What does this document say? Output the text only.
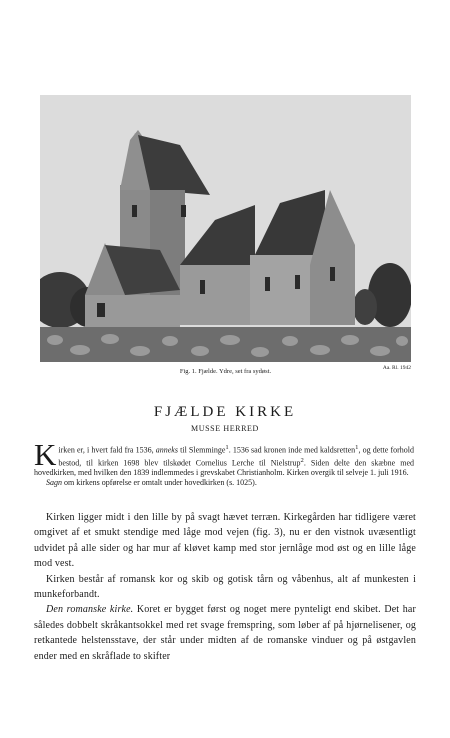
Fig. 1. Fjælde. Ydre, set fra sydøst.	Aa. Rl. 1942
FJÆLDE KIRKE
MUSSE HERRED

Kirken er, i hvert fald fra 1536, anneks til Slemminge$^1$. 1536 sad kronen inde med kaldsretten$^1$, og dette forhold bestod, til kirken 1698 blev tilskødet Cornelius Lerche til Nielstrup$^2$. Siden delte den skæbne med hovedkirken, med hvilken den 1839 indlemmedes i grevskabet Christianholm. Kirken overgik til selveje 1. juli 1916.
Sagn om kirkens opførelse er omtalt under hovedkirken (s. 1025).

Kirken ligger midt i den lille by på svagt hævet terræn. Kirkegården har tidligere været omgivet af et smukt stendige med låge mod vejen (fig. 3), nu er den vistnok uvæsentligt udvidet på alle sider og har mur af kløvet kamp med stor jernlåge mod øst og en lille låge mod vest.

Kirken består af romansk kor og skib og gotisk tårn og våbenhus, alt af munkesten i munkeforbandt.

Den romanske kirke. Koret er bygget først og noget mere pynteligt end skibet. Det har således dobbelt skråkantsokkel med ret svage fremspring, som løber af på hjørnelisener, og retkantede helstensstave, der står under midten af de romanske vinduer og på østgavlen ender med en skråflade to skifter
